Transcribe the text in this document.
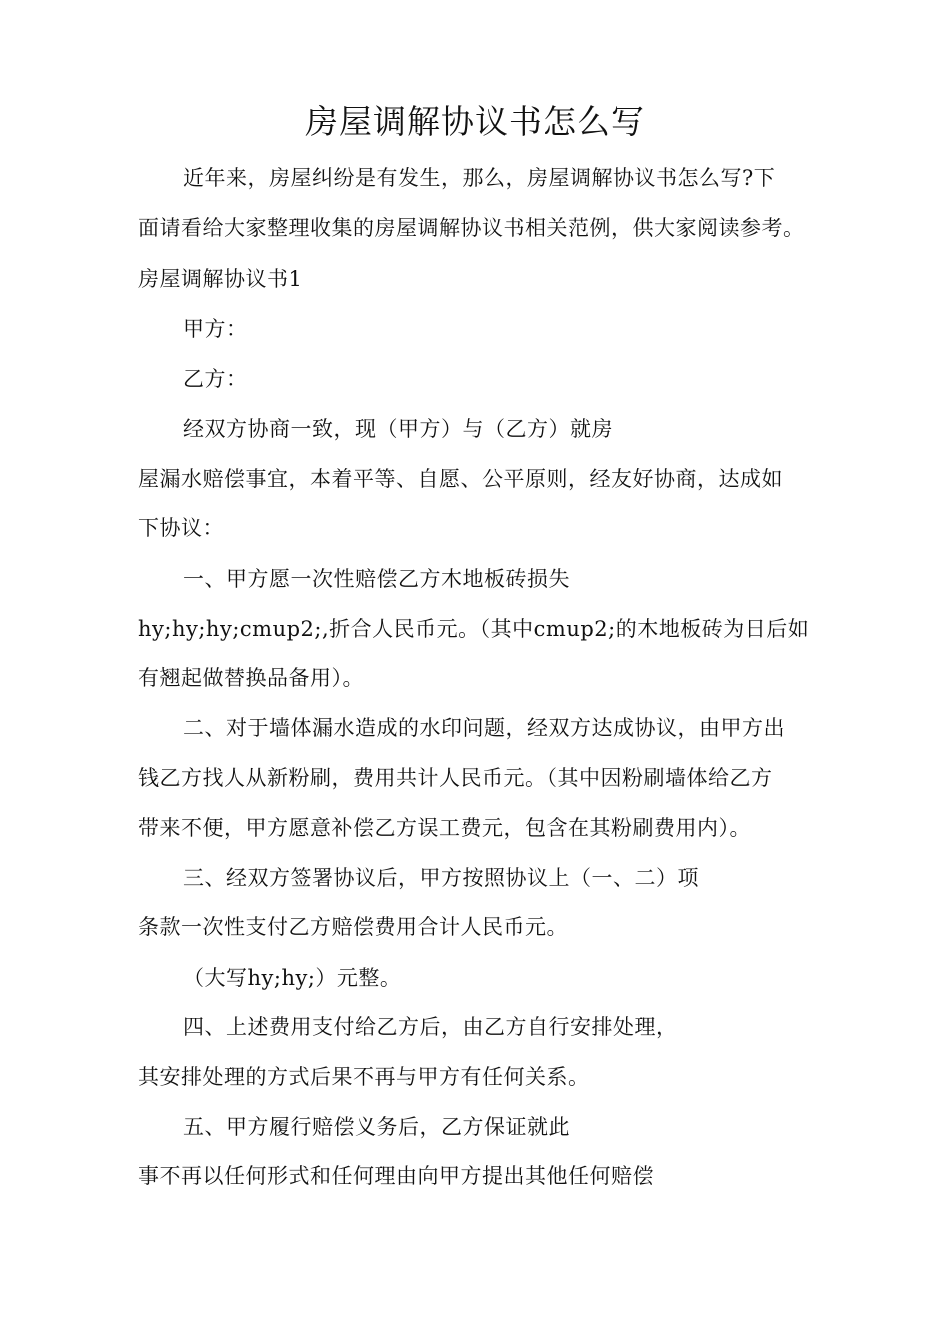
房屋调解协议书怎么写
近年来，房屋纠纷是有发生，那么，房屋调解协议书怎么写?下
面请看给大家整理收集的房屋调解协议书相关范例，供大家阅读参考。
房屋调解协议书1
甲方：
乙方：
经双方协商一致，现（甲方）与（乙方）就房
屋漏水赔偿事宜，本着平等、自愿、公平原则，经友好协商，达成如
下协议：
一、甲方愿一次性赔偿乙方木地板砖损失
hy;hy;hy;cmup2;,折合人民币元。（其中cmup2;的木地板砖为日后如
有翘起做替换品备用）。
二、对于墙体漏水造成的水印问题，经双方达成协议，由甲方出
钱乙方找人从新粉刷，费用共计人民币元。（其中因粉刷墙体给乙方
带来不便，甲方愿意补偿乙方误工费元，包含在其粉刷费用内）。
三、经双方签署协议后，甲方按照协议上（一、二）项
条款一次性支付乙方赔偿费用合计人民币元。
（大写hy;hy;）元整。
四、上述费用支付给乙方后，由乙方自行安排处理，
其安排处理的方式后果不再与甲方有任何关系。
五、甲方履行赔偿义务后，乙方保证就此
事不再以任何形式和任何理由向甲方提出其他任何赔偿
